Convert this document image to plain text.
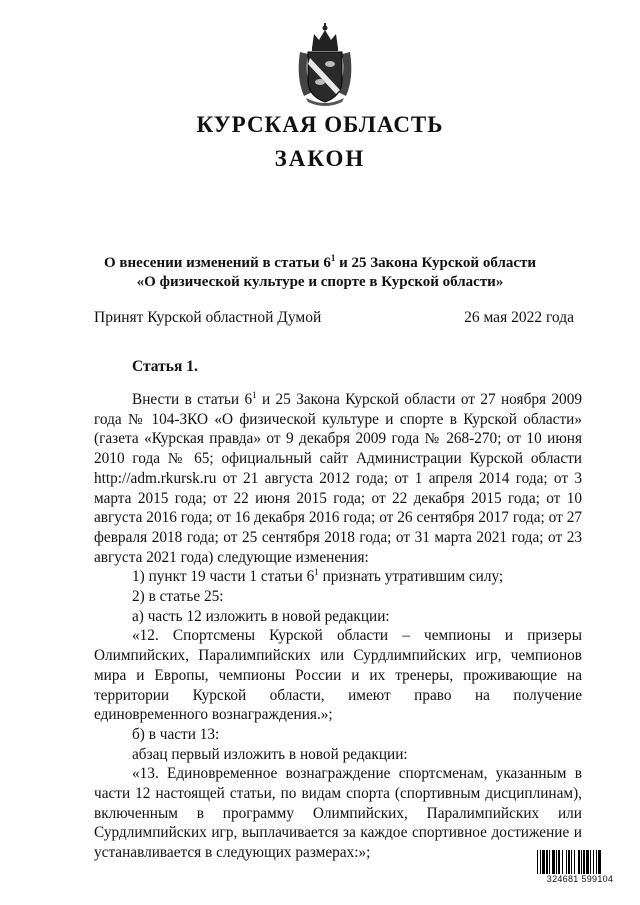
КУРСКАЯ ОБЛАСТЬ
ЗАКОН
О внесении изменений в статьи $6^1$ и 25 Закона Курской области
«О физической культуре и спорте в Курской области»
Принят Курской областной Думой	26 мая 2022 года
Статья 1.

Внести в статьи $6^1$ и 25 Закона Курской области от 27 ноября 2009 года № 104-ЗКО «О физической культуре и спорте в Курской области» (газета «Курская правда» от 9 декабря 2009 года № 268-270; от 10 июня 2010 года № 65; официальный сайт Администрации Курской области http://adm.rkursk.ru от 21 августа 2012 года; от 1 апреля 2014 года; от 3 марта 2015 года; от 22 июня 2015 года; от 22 декабря 2015 года; от 10 августа 2016 года; от 16 декабря 2016 года; от 26 сентября 2017 года; от 27 февраля 2018 года; от 25 сентября 2018 года; от 31 марта 2021 года; от 23 августа 2021 года) следующие изменения:

1) пункт 19 части 1 статьи $6^1$ признать утратившим силу;

2) в статье 25:

а) часть 12 изложить в новой редакции:

«12. Спортсмены Курской области – чемпионы и призеры Олимпийских, Паралимпийских или Сурдлимпийских игр, чемпионов мира и Европы, чемпионы России и их тренеры, проживающие на территории Курской области, имеют право на получение единовременного вознаграждения.»;

б) в части 13:

абзац первый изложить в новой редакции:

«13. Единовременное вознаграждение спортсменам, указанным в части 12 настоящей статьи, по видам спорта (спортивным дисциплинам), включенным в программу Олимпийских, Паралимпийских или Сурдлимпийских игр, выплачивается за каждое спортивное достижение и устанавливается в следующих размерах:»;

324681 599104
